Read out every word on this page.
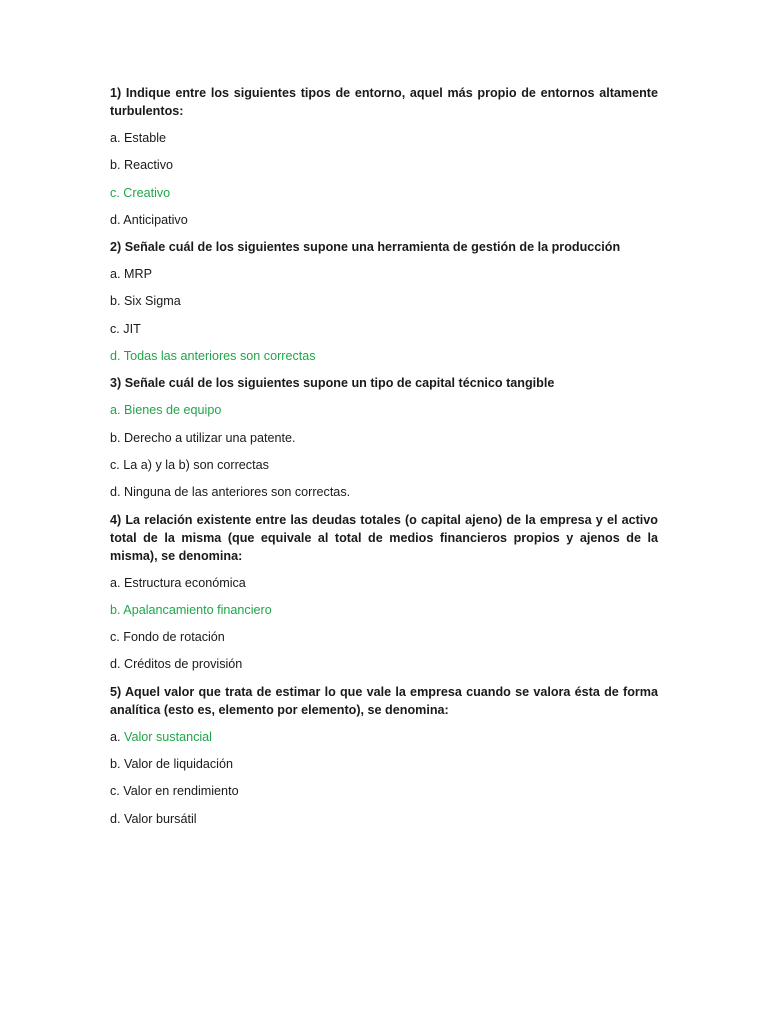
1) Indique entre los siguientes tipos de entorno, aquel más propio de entornos altamente turbulentos:

a. Estable

b. Reactivo

c. Creativo

d. Anticipativo

2) Señale cuál de los siguientes supone una herramienta de gestión de la producción

a. MRP

b. Six Sigma

c. JIT

d. Todas las anteriores son correctas

3) Señale cuál de los siguientes supone un tipo de capital técnico tangible

a. Bienes de equipo

b. Derecho a utilizar una patente.

c. La a) y la b) son correctas

d. Ninguna de las anteriores son correctas.

4) La relación existente entre las deudas totales (o capital ajeno) de la empresa y el activo total de la misma (que equivale al total de medios financieros propios y ajenos de la misma), se denomina:

a. Estructura económica

b. Apalancamiento financiero

c. Fondo de rotación

d. Créditos de provisión

5) Aquel valor que trata de estimar lo que vale la empresa cuando se valora ésta de forma analítica (esto es, elemento por elemento), se denomina:

a. Valor sustancial

b. Valor de liquidación

c. Valor en rendimiento

d. Valor bursátil
